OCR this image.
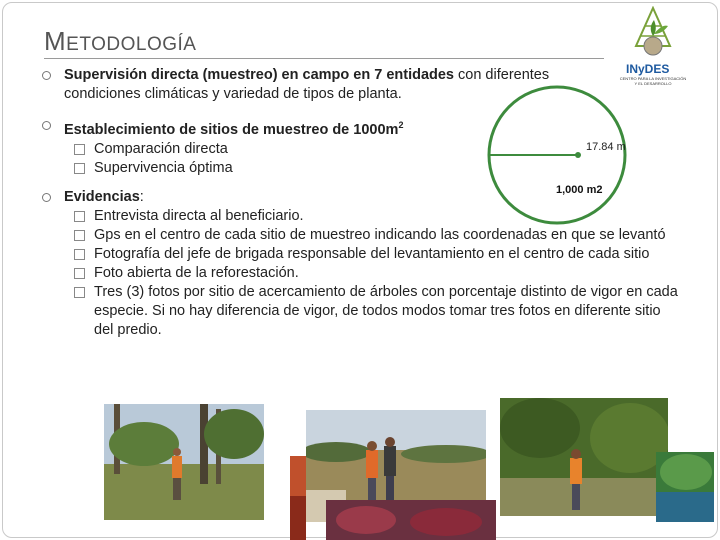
METODOLOGÍA
INyDES
CENTRO PARA LA INVESTIGACIÓN Y EL DESARROLLO
Supervisión directa (muestreo) en campo en 7 entidades con diferentes condiciones climáticas y variedad de tipos de planta.
Establecimiento de sitios de muestreo de $1000m^2$
Comparación directa
Supervivencia óptima
Evidencias:
Entrevista directa al beneficiario.
Gps en el centro de cada sitio de muestreo indicando las coordenadas en que se levantó
Fotografía del jefe de brigada responsable del levantamiento en el centro de cada sitio
Foto abierta de la reforestación.
Tres (3) fotos por sitio de acercamiento de árboles con porcentaje distinto de vigor en cada especie. Si no hay diferencia de vigor, de todos modos tomar tres fotos en diferente sitio del predio.
17.84 m
1,000 m2
